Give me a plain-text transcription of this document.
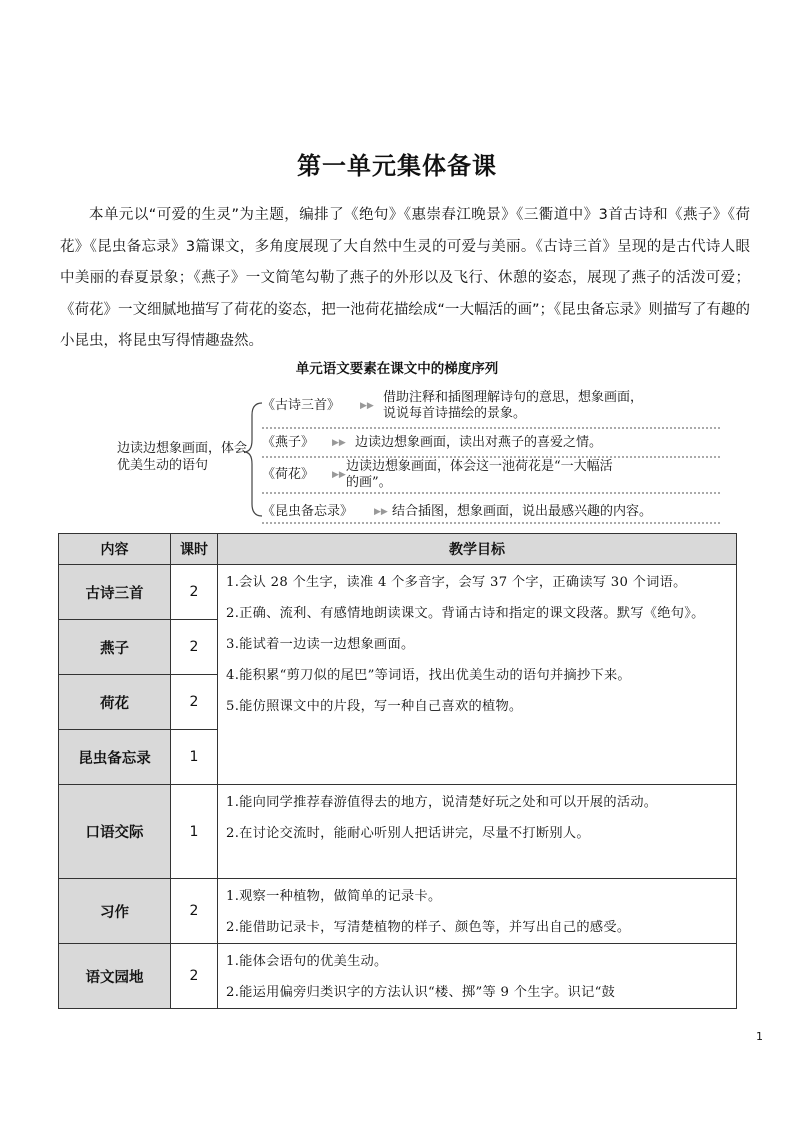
第一单元集体备课

本单元以“可爱的生灵”为主题，编排了《绝句》《惠崇春江晚景》《三衢道中》3首古诗和《燕子》《荷花》《昆虫备忘录》3篇课文，多角度展现了大自然中生灵的可爱与美丽。《古诗三首》呈现的是古代诗人眼中美丽的春夏景象；《燕子》一文简笔勾勒了燕子的外形以及飞行、休憩的姿态，展现了燕子的活泼可爱；《荷花》一文细腻地描写了荷花的姿态，把一池荷花描绘成“一大幅活的画”；《昆虫备忘录》则描写了有趣的小昆虫，将昆虫写得情趣盎然。

单元语文要素在课文中的梯度序列
边读边想象画面，体会优美生动的语句
《古诗三首》 ▶▶
借助注释和插图理解诗句的意思，想象画面，
说说每首诗描绘的景象。
《燕子》 ▶▶ 边读边想象画面，读出对燕子的喜爱之情。
《荷花》 ▶▶
边读边想象画面，体会这一池荷花是“一大幅活
的画”。
《昆虫备忘录》 ▶▶ 结合插图，想象画面，说出最感兴趣的内容。
内容	课时	教学目标
古诗三首	2	1.会认 28 个生字，读准 4 个多音字，会写 37 个字，正确读写 30 个词语。
2.正确、流利、有感情地朗读课文。背诵古诗和指定的课文段落。默写《绝句》。
3.能试着一边读一边想象画面。
4.能积累“剪刀似的尾巴”等词语，找出优美生动的语句并摘抄下来。
5.能仿照课文中的片段，写一种自己喜欢的植物。

燕子	2	
荷花	2	
昆虫备忘录	1	
口语交际	1	1.能向同学推荐春游值得去的地方，说清楚好玩之处和可以开展的活动。
2.在讨论交流时，能耐心听别人把话讲完，尽量不打断别人。

习作	2	1.观察一种植物，做简单的记录卡。
2.能借助记录卡，写清楚植物的样子、颜色等，并写出自己的感受。

语文园地	2	1.能体会语句的优美生动。
2.能运用偏旁归类识字的方法认识“楼、掷”等 9 个生字。识记“鼓
1
